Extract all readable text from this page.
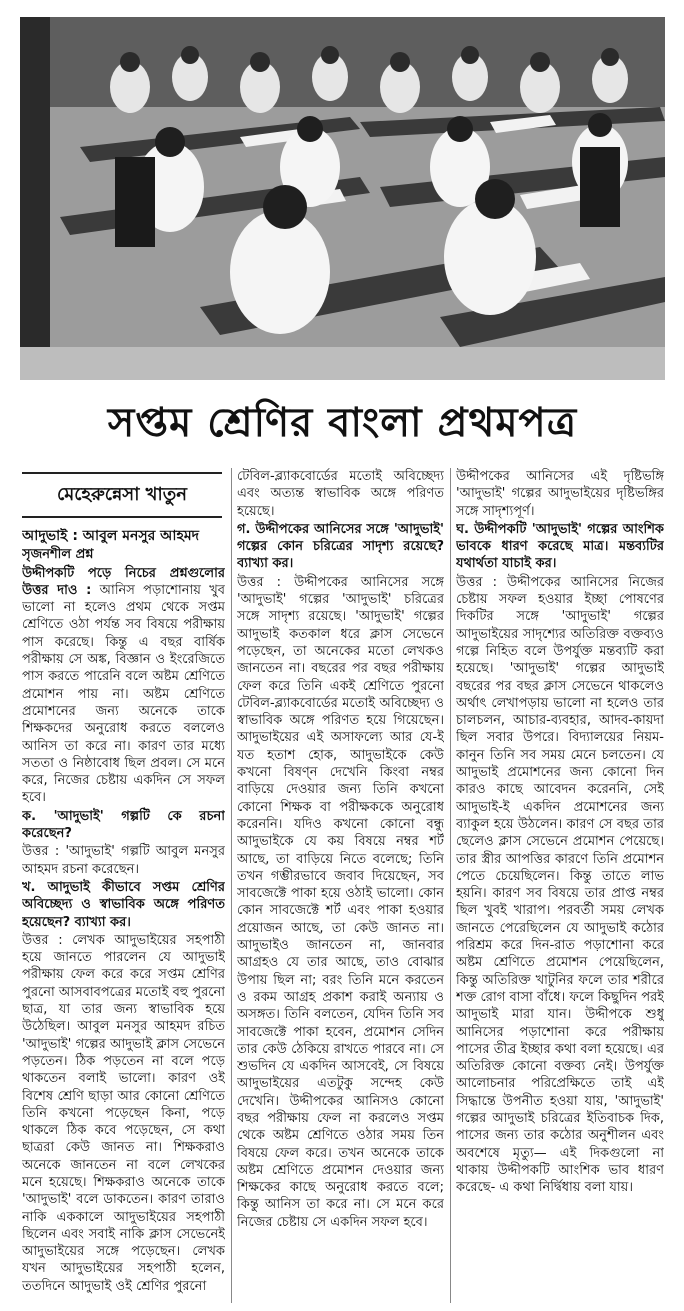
সপ্তম শ্রেণির বাংলা প্রথমপত্র
মেহেরুন্নেসা খাতুন

আদুভাই : আবুল মনসুর আহমদ

সৃজনশীল প্রশ্ন

উদ্দীপকটি পড়ে নিচের প্রশ্নগুলোর উত্তর দাও : আনিস পড়াশোনায় খুব ভালো না হলেও প্রথম থেকে সপ্তম শ্রেণিতে ওঠা পর্যন্ত সব বিষয়ে পরীক্ষায় পাস করেছে। কিন্তু এ বছর বার্ষিক পরীক্ষায় সে অঙ্ক, বিজ্ঞান ও ইংরেজিতে পাস করতে পারেনি বলে অষ্টম শ্রেণিতে প্রমোশন পায় না। অষ্টম শ্রেণিতে প্রমোশনের জন্য অনেকে তাকে শিক্ষকদের অনুরোধ করতে বললেও আনিস তা করে না। কারণ তার মধ্যে সততা ও নিষ্ঠাবোধ ছিল প্রবল। সে মনে করে, নিজের চেষ্টায় একদিন সে সফল হবে।

ক. 'আদুভাই' গল্পটি কে রচনা করেছেন?

উত্তর : 'আদুভাই' গল্পটি আবুল মনসুর আহমদ রচনা করেছেন।

খ. আদুভাই কীভাবে সপ্তম শ্রেণির অবিচ্ছেদ্য ও স্বাভাবিক অঙ্গে পরিণত হয়েছেন? ব্যাখ্যা কর।

উত্তর : লেখক আদুভাইয়ের সহপাঠী হয়ে জানতে পারলেন যে আদুভাই পরীক্ষায় ফেল করে করে সপ্তম শ্রেণির পুরনো আসবাবপত্রের মতোই বহু পুরনো ছাত্র, যা তার জন্য স্বাভাবিক হয়ে উঠেছিল। আবুল মনসুর আহমদ রচিত 'আদুভাই' গল্পের আদুভাই ক্লাস সেভেনে পড়তেন। ঠিক পড়তেন না বলে পড়ে থাকতেন বলাই ভালো। কারণ ওই বিশেষ শ্রেণি ছাড়া আর কোনো শ্রেণিতে তিনি কখনো পড়েছেন কিনা, পড়ে থাকলে ঠিক কবে পড়েছেন, সে কথা ছাত্ররা কেউ জানত না। শিক্ষকরাও অনেকে জানতেন না বলে লেখকের মনে হয়েছে। শিক্ষকরাও অনেকে তাকে 'আদুভাই' বলে ডাকতেন। কারণ তারাও নাকি এককালে আদুভাইয়ের সহপাঠী ছিলেন এবং সবাই নাকি ক্লাস সেভেনেই আদুভাইয়ের সঙ্গে পড়েছেন। লেখক যখন আদুভাইয়ের সহপাঠী হলেন, ততদিনে আদুভাই ওই শ্রেণির পুরনো

টেবিল-ব্ল্যাকবোর্ডের মতোই অবিচ্ছেদ্য এবং অত্যন্ত স্বাভাবিক অঙ্গে পরিণত হয়েছে।

গ. উদ্দীপকের আনিসের সঙ্গে 'আদুভাই' গল্পের কোন চরিত্রের সাদৃশ্য রয়েছে? ব্যাখ্যা কর।

উত্তর : উদ্দীপকের আনিসের সঙ্গে 'আদুভাই' গল্পের 'আদুভাই' চরিত্রের সঙ্গে সাদৃশ্য রয়েছে। 'আদুভাই' গল্পের আদুভাই কতকাল ধরে ক্লাস সেভেনে পড়েছেন, তা অনেকের মতো লেখকও জানতেন না। বছরের পর বছর পরীক্ষায় ফেল করে তিনি একই শ্রেণিতে পুরনো টেবিল-ব্ল্যাকবোর্ডের মতোই অবিচ্ছেদ্য ও স্বাভাবিক অঙ্গে পরিণত হয়ে গিয়েছেন। আদুভাইয়ের এই অসাফল্যে আর যে-ই যত হতাশ হোক, আদুভাইকে কেউ কখনো বিষণ্ন দেখেনি কিংবা নম্বর বাড়িয়ে দেওয়ার জন্য তিনি কখনো কোনো শিক্ষক বা পরীক্ষককে অনুরোধ করেননি। যদিও কখনো কোনো বন্ধু আদুভাইকে যে কয় বিষয়ে নম্বর শর্ট আছে, তা বাড়িয়ে নিতে বলেছে; তিনি তখন গম্ভীরভাবে জবাব দিয়েছেন, সব সাবজেক্টে পাকা হয়ে ওঠাই ভালো। কোন কোন সাবজেক্টে শর্ট এবং পাকা হওয়ার প্রয়োজন আছে, তা কেউ জানত না। আদুভাইও জানতেন না, জানবার আগ্রহও যে তার আছে, তাও বোঝার উপায় ছিল না; বরং তিনি মনে করতেন ও রকম আগ্রহ প্রকাশ করাই অন্যায় ও অসঙ্গত। তিনি বলতেন, যেদিন তিনি সব সাবজেক্টে পাকা হবেন, প্রমোশন সেদিন তার কেউ ঠেকিয়ে রাখতে পারবে না। সে শুভদিন যে একদিন আসবেই, সে বিষয়ে আদুভাইয়ের এতটুকু সন্দেহ কেউ দেখেনি। উদ্দীপকের আনিসও কোনো বছর পরীক্ষায় ফেল না করলেও সপ্তম থেকে অষ্টম শ্রেণিতে ওঠার সময় তিন বিষয়ে ফেল করে। তখন অনেকে তাকে অষ্টম শ্রেণিতে প্রমোশন দেওয়ার জন্য শিক্ষকের কাছে অনুরোধ করতে বলে; কিন্তু আনিস তা করে না। সে মনে করে নিজের চেষ্টায় সে একদিন সফল হবে।

উদ্দীপকের আনিসের এই দৃষ্টিভঙ্গি 'আদুভাই' গল্পের আদুভাইয়ের দৃষ্টিভঙ্গির সঙ্গে সাদৃশ্যপূর্ণ।

ঘ. উদ্দীপকটি 'আদুভাই' গল্পের আংশিক ভাবকে ধারণ করেছে মাত্র। মন্তব্যটির যথার্থতা যাচাই কর।

উত্তর : উদ্দীপকের আনিসের নিজের চেষ্টায় সফল হওয়ার ইচ্ছা পোষণের দিকটির সঙ্গে 'আদুভাই' গল্পের আদুভাইয়ের সাদৃশ্যের অতিরিক্ত বক্তব্যও গল্পে নিহিত বলে উপর্যুক্ত মন্তব্যটি করা হয়েছে। 'আদুভাই' গল্পের আদুভাই বছরের পর বছর ক্লাস সেভেনে থাকলেও অর্থাৎ লেখাপড়ায় ভালো না হলেও তার চালচলন, আচার-ব্যবহার, আদব-কায়দা ছিল সবার উপরে। বিদ্যালয়ের নিয়ম-কানুন তিনি সব সময় মেনে চলতেন। যে আদুভাই প্রমোশনের জন্য কোনো দিন কারও কাছে আবেদন করেননি, সেই আদুভাই-ই একদিন প্রমোশনের জন্য ব্যাকুল হয়ে উঠলেন। কারণ সে বছর তার ছেলেও ক্লাস সেভেনে প্রমোশন পেয়েছে। তার স্ত্রীর আপত্তির কারণে তিনি প্রমোশন পেতে চেয়েছিলেন। কিন্তু তাতে লাভ হয়নি। কারণ সব বিষয়ে তার প্রাপ্ত নম্বর ছিল খুবই খারাপ। পরবর্তী সময় লেখক জানতে পেরেছিলেন যে আদুভাই কঠোর পরিশ্রম করে দিন-রাত পড়াশোনা করে অষ্টম শ্রেণিতে প্রমোশন পেয়েছিলেন, কিন্তু অতিরিক্ত খাটুনির ফলে তার শরীরে শক্ত রোগ বাসা বাঁধে। ফলে কিছুদিন পরই আদুভাই মারা যান। উদ্দীপকে শুধু আনিসের পড়াশোনা করে পরীক্ষায় পাসের তীব্র ইচ্ছার কথা বলা হয়েছে। এর অতিরিক্ত কোনো বক্তব্য নেই। উপর্যুক্ত আলোচনার পরিপ্রেক্ষিতে তাই এই সিদ্ধান্তে উপনীত হওয়া যায়, 'আদুভাই' গল্পের আদুভাই চরিত্রের ইতিবাচক দিক, পাসের জন্য তার কঠোর অনুশীলন এবং অবশেষে মৃত্যু— এই দিকগুলো না থাকায় উদ্দীপকটি আংশিক ভাব ধারণ করেছে- এ কথা নির্দ্বিধায় বলা যায়।
